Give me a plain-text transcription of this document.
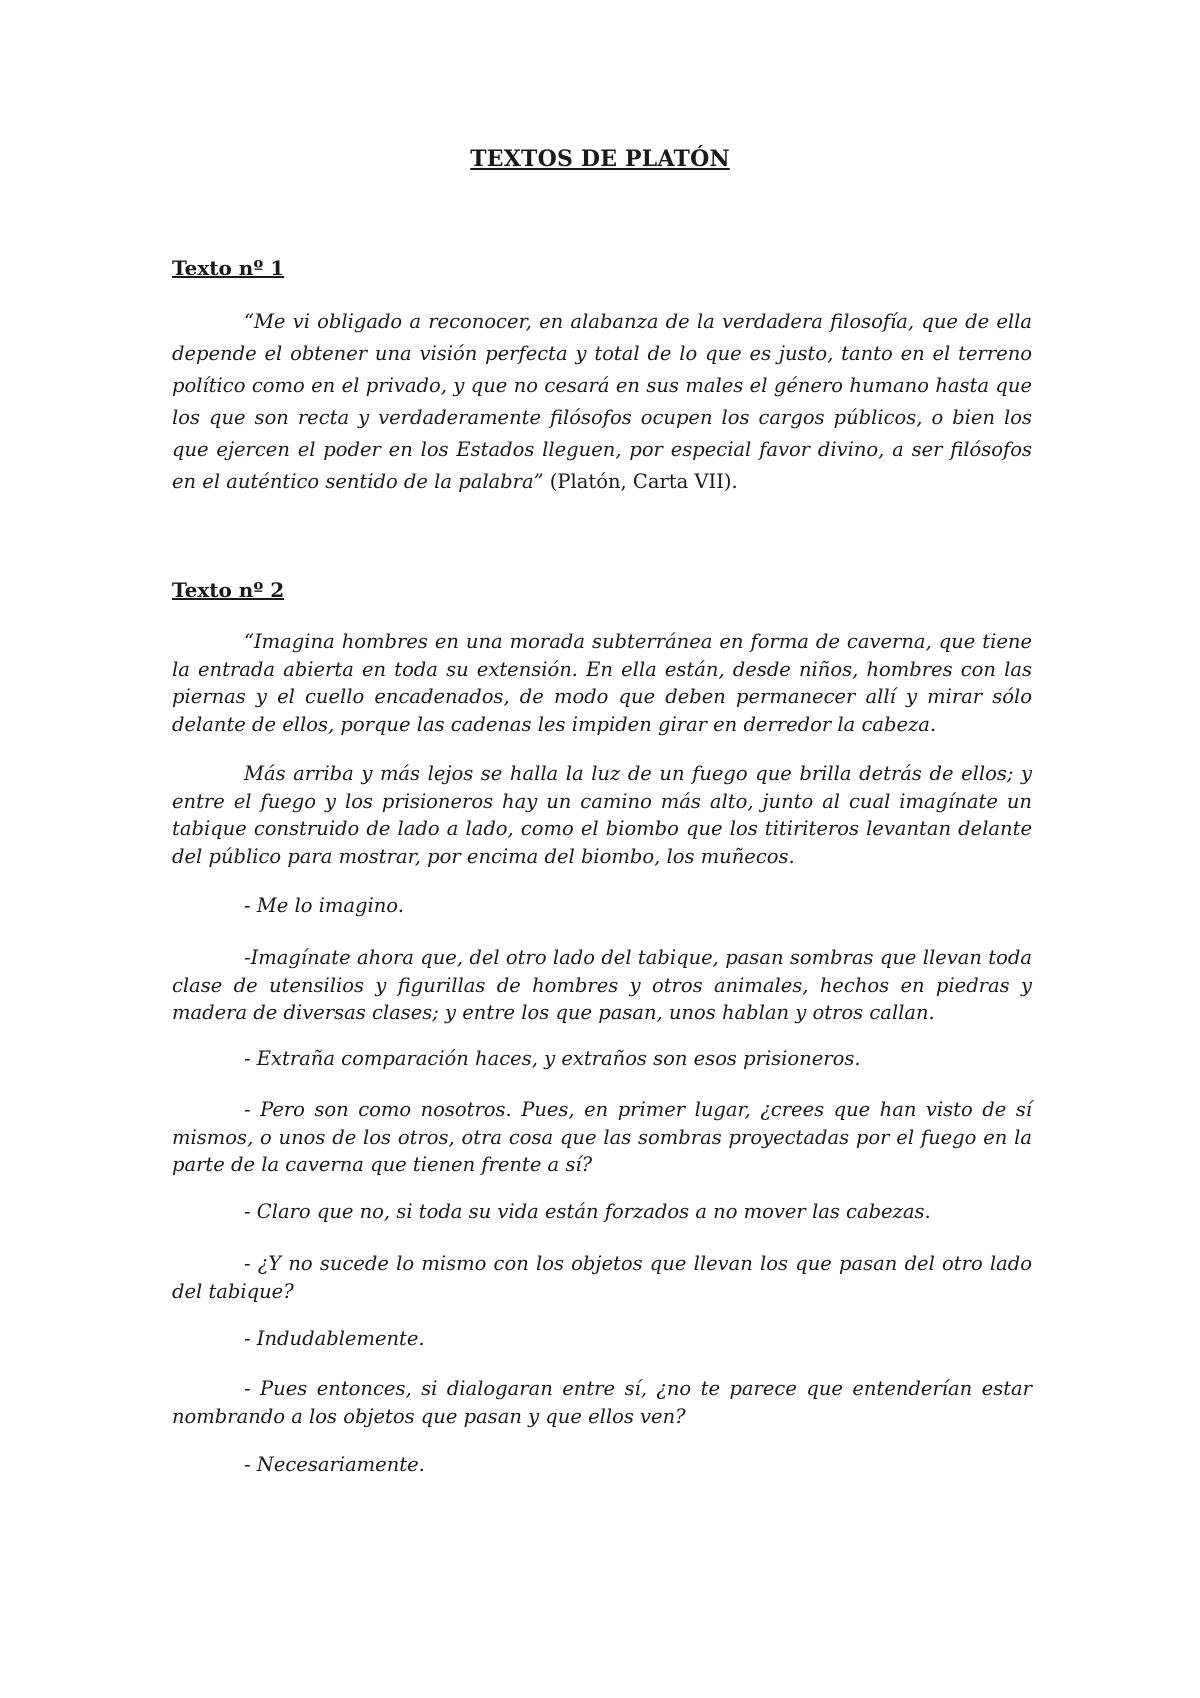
TEXTOS DE PLATÓN
Texto nº 1

“Me vi obligado a reconocer, en alabanza de la verdadera filosofía, que de ella depende el obtener una visión perfecta y total de lo que es justo, tanto en el terreno político como en el privado, y que no cesará en sus males el género humano hasta que los que son recta y verdaderamente filósofos ocupen los cargos públicos, o bien los que ejercen el poder en los Estados lleguen, por especial favor divino, a ser filósofos en el auténtico sentido de la palabra” (Platón, Carta VII).

Texto nº 2

“Imagina hombres en una morada subterránea en forma de caverna, que tiene la entrada abierta en toda su extensión. En ella están, desde niños, hombres con las piernas y el cuello encadenados, de modo que deben permanecer allí y mirar sólo delante de ellos, porque las cadenas les impiden girar en derredor la cabeza.

Más arriba y más lejos se halla la luz de un fuego que brilla detrás de ellos; y entre el fuego y los prisioneros hay un camino más alto, junto al cual imagínate un tabique construido de lado a lado, como el biombo que los titiriteros levantan delante del público para mostrar, por encima del biombo, los muñecos.

- Me lo imagino.

-Imagínate ahora que, del otro lado del tabique, pasan sombras que llevan toda clase de utensilios y figurillas de hombres y otros animales, hechos en piedras y madera de diversas clases; y entre los que pasan, unos hablan y otros callan.

- Extraña comparación haces, y extraños son esos prisioneros.

- Pero son como nosotros. Pues, en primer lugar, ¿crees que han visto de sí mismos, o unos de los otros, otra cosa que las sombras proyectadas por el fuego en la parte de la caverna que tienen frente a sí?

- Claro que no, si toda su vida están forzados a no mover las cabezas.

- ¿Y no sucede lo mismo con los objetos que llevan los que pasan del otro lado del tabique?

- Indudablemente.

- Pues entonces, si dialogaran entre sí, ¿no te parece que entenderían estar nombrando a los objetos que pasan y que ellos ven?

- Necesariamente.
